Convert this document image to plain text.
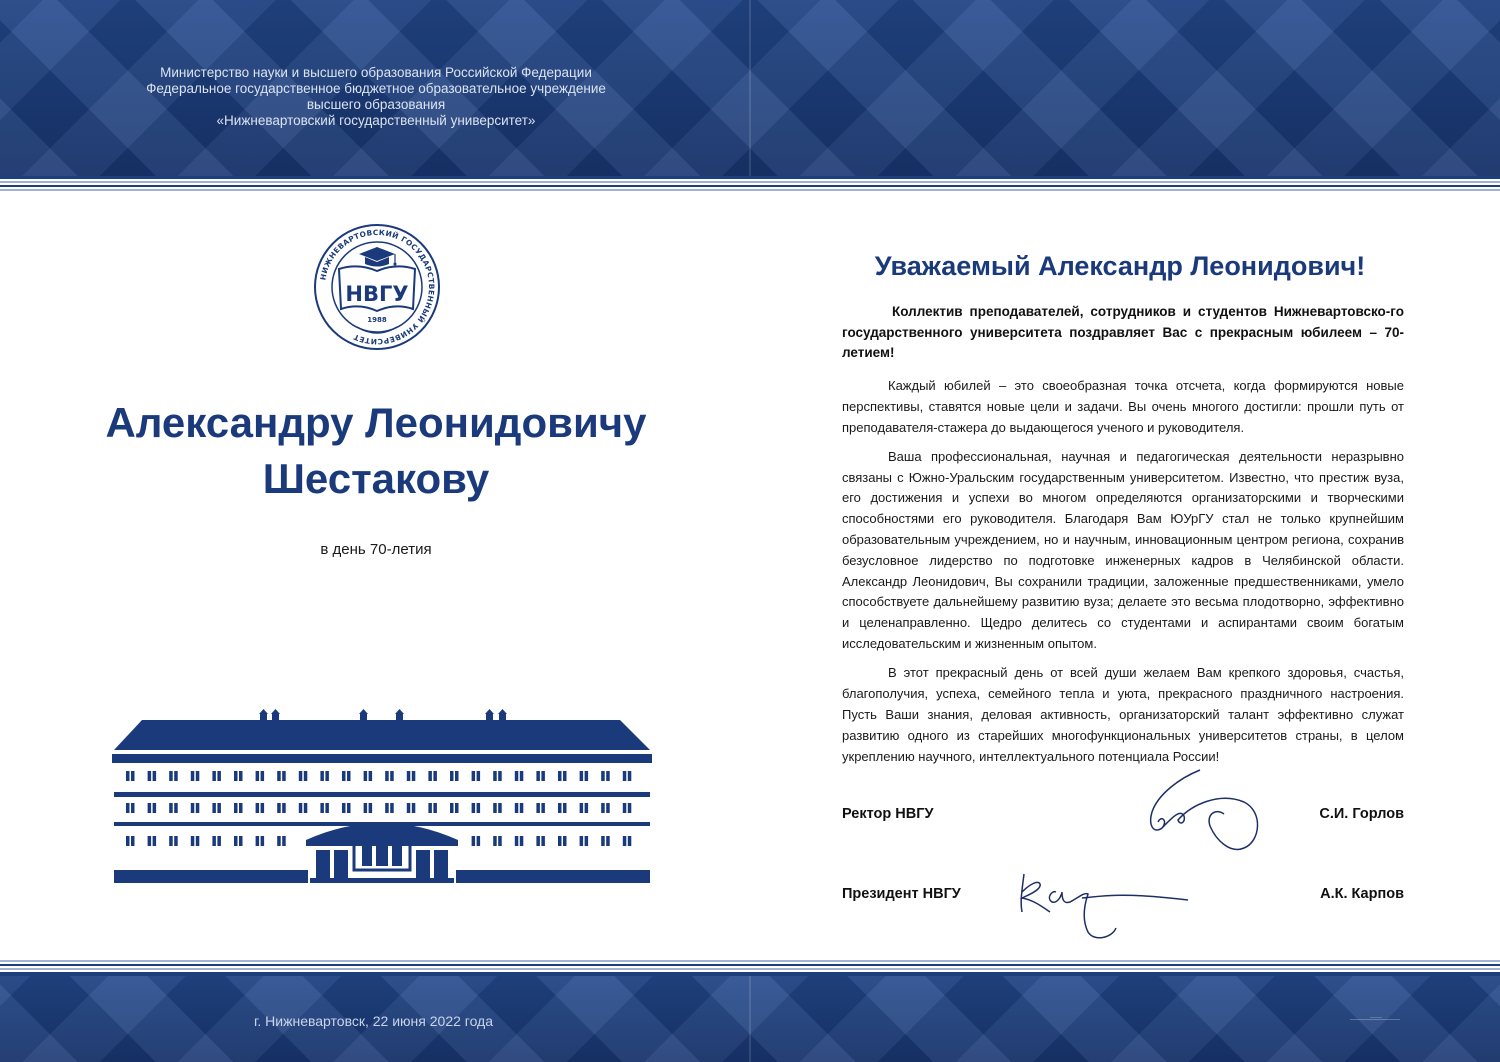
Министерство науки и высшего образования Российской Федерации
Федеральное государственное бюджетное образовательное учреждение
высшего образования
«Нижневартовский государственный университет»
НИЖНЕВАРТОВСКИЙ ГОСУДАРСТВЕННЫЙ УНИВЕРСИТЕТ
НВГУ
1988
Александру Леонидовичу
Шестакову
в день 70-летия
Уважаемый Александр Леонидович!
Коллектив преподавателей, сотрудников и студентов Нижневартовско-го государственного университета поздравляет Вас с прекрасным юбилеем – 70-летием!

Каждый юбилей – это своеобразная точка отсчета, когда формируются новые перспективы, ставятся новые цели и задачи. Вы очень многого достигли: прошли путь от преподавателя-стажера до выдающегося ученого и руководителя.

Ваша профессиональная, научная и педагогическая деятельности неразрывно связаны с Южно-Уральским государственным университетом. Известно, что престиж вуза, его достижения и успехи во многом определяются организаторскими и творческими способностями его руководителя. Благодаря Вам ЮУрГУ стал не только крупнейшим образовательным учреждением, но и научным, инновационным центром региона, сохранив безусловное лидерство по подготовке инженерных кадров в Челябинской области. Александр Леонидович, Вы сохранили традиции, заложенные предшественниками, умело способствуете дальнейшему развитию вуза; делаете это весьма плодотворно, эффективно и целенаправленно. Щедро делитесь со студентами и аспирантами своим богатым исследовательским и жизненным опытом.

В этот прекрасный день от всей души желаем Вам крепкого здоровья, счастья, благополучия, успеха, семейного тепла и уюта, прекрасного праздничного настроения. Пусть Ваши знания, деловая активность, организаторский талант эффективно служат развитию одного из старейших многофункциональных университетов страны, в целом укреплению научного, интеллектуального потенциала России!

Ректор НВГУ	С.И. Горлов
Президент НВГУ	А.К. Карпов
г. Нижневартовск, 22 июня 2022 года
